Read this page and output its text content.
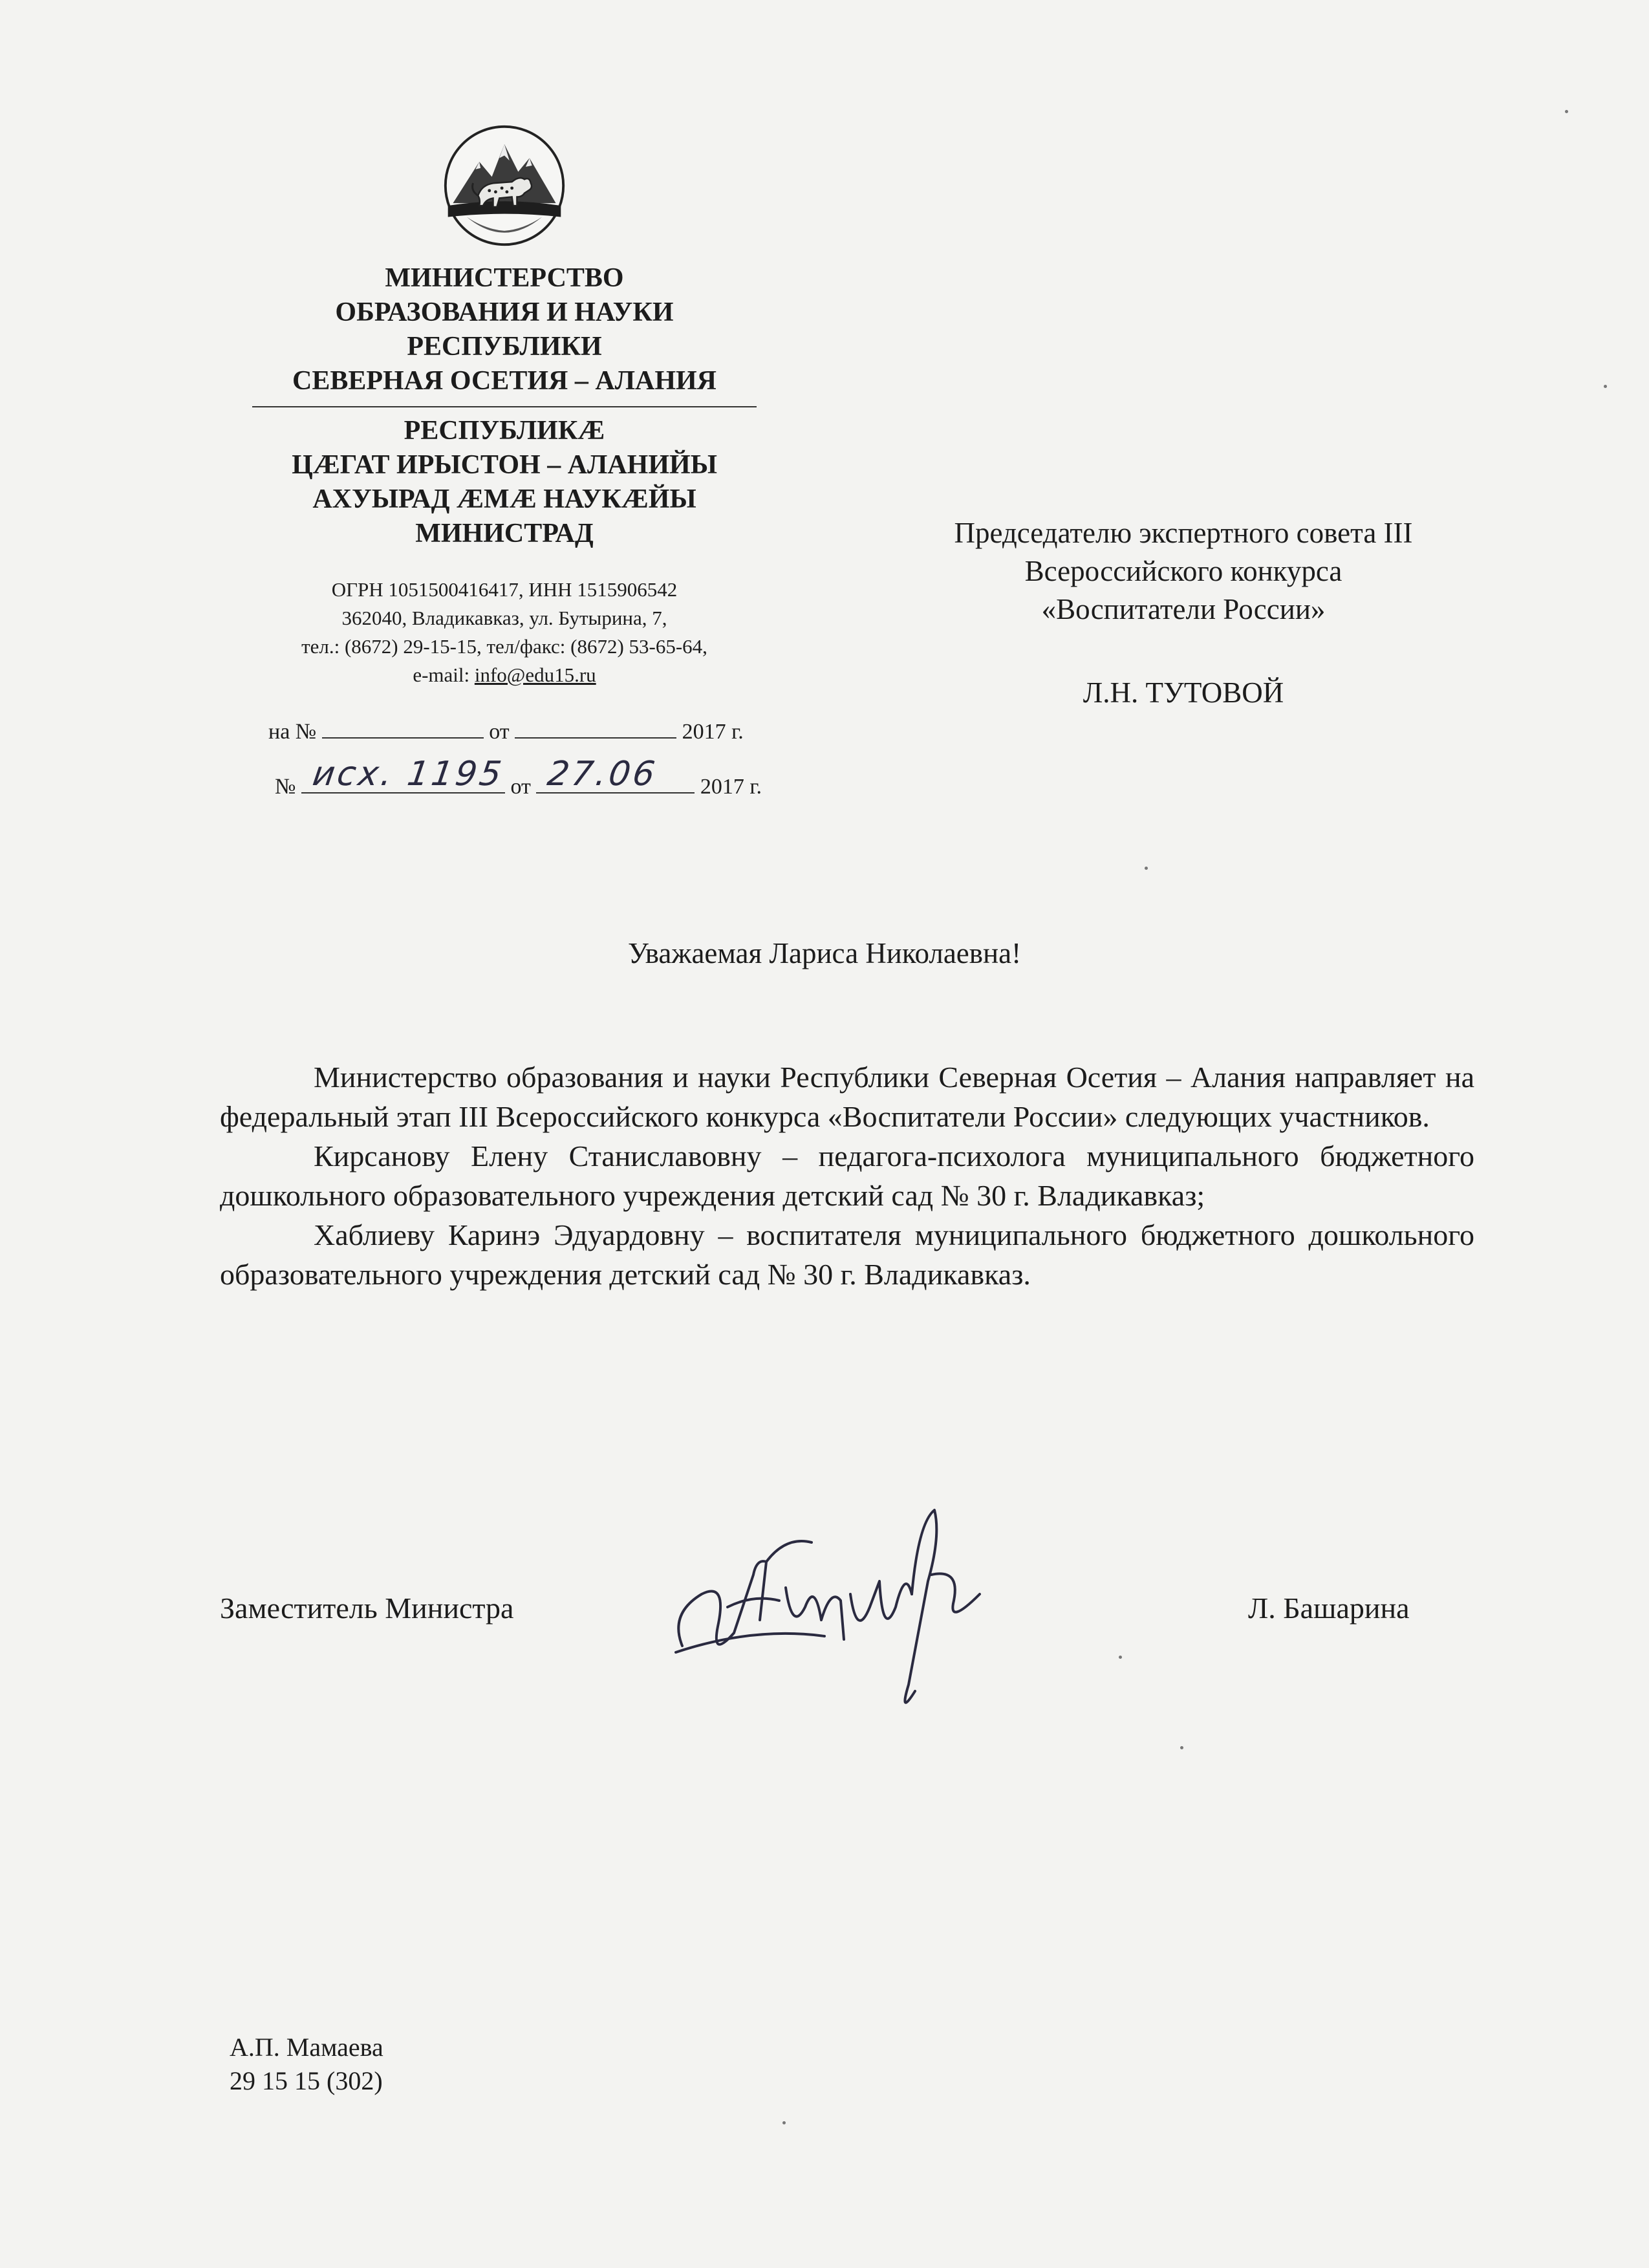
МИНИСТЕРСТВО
ОБРАЗОВАНИЯ И НАУКИ
РЕСПУБЛИКИ
СЕВЕРНАЯ ОСЕТИЯ – АЛАНИЯ
РЕСПУБЛИКӔ
ЦӔГАТ ИРЫСТОН – АЛАНИЙЫ
АХУЫРАД ӔМӔ НАУКӔЙЫ
МИНИСТРАД
ОГРН 1051500416417, ИНН 1515906542
362040, Владикавказ, ул. Бутырина, 7,
тел.: (8672) 29-15-15, тел/факс: (8672) 53-65-64,
e-mail: info@edu15.ru
на №	от	2017 г.
№ исх. 1195 от 27.06 2017 г.
Председателю экспертного совета III
Всероссийского конкурса
«Воспитатели России»
Л.Н. ТУТОВОЙ
Уважаемая Лариса Николаевна!

Министерство образования и науки Республики Северная Осетия – Алания направляет на федеральный этап III Всероссийского конкурса «Воспитатели России» следующих участников.

Кирсанову Елену Станиславовну – педагога-психолога муниципального бюджетного дошкольного образовательного учреждения детский сад № 30 г. Владикавказ;

Хаблиеву Каринэ Эдуардовну – воспитателя муниципального бюджетного дошкольного образовательного учреждения детский сад № 30 г. Владикавказ.

Заместитель Министра	Л. Башарина
А.П. Мамаева
29 15 15 (302)
